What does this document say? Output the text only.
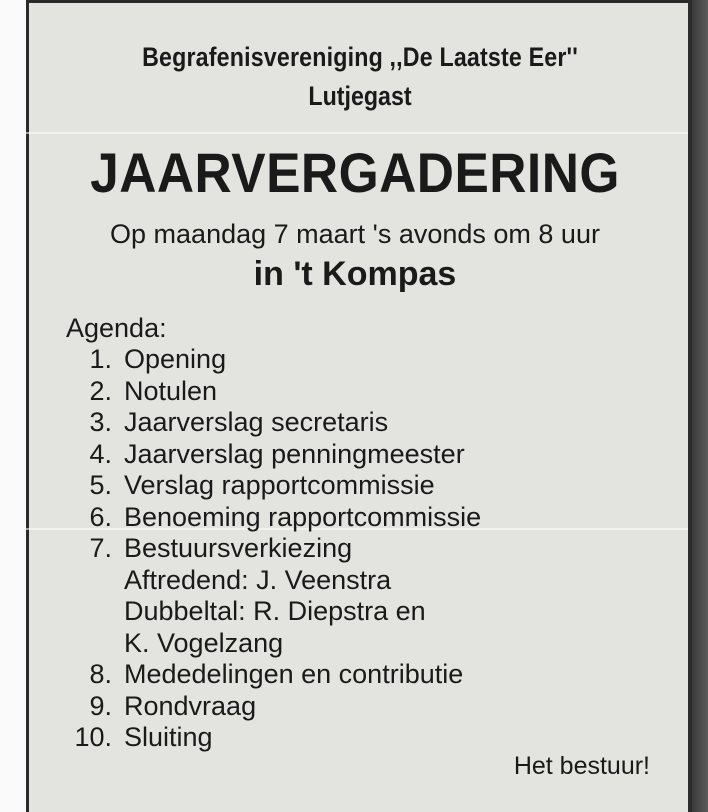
Begrafenisvereniging ,,De Laatste Eer''
Lutjegast
JAARVERGADERING
Op maandag 7 maart 's avonds om 8 uur
in 't Kompas
Agenda:
1. Opening
2. Notulen
3. Jaarverslag secretaris
4. Jaarverslag penningmeester
5. Verslag rapportcommissie
6. Benoeming rapportcommissie
7. Bestuursverkiezing
Aftredend: J. Veenstra
Dubbeltal: R. Diepstra en
K. Vogelzang
8. Mededelingen en contributie
9. Rondvraag
10. Sluiting
Het bestuur!
